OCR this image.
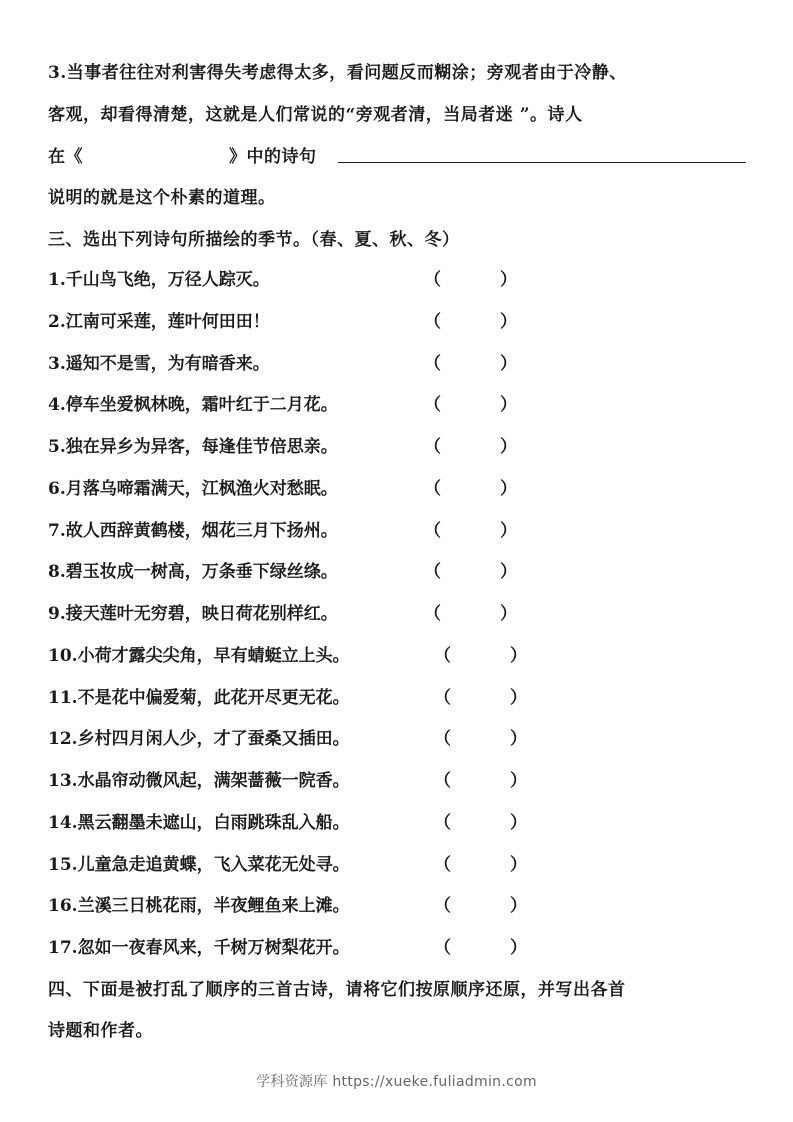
3.当事者往往对利害得失考虑得太多，看问题反而糊涂；旁观者由于冷静、
客观，却看得清楚，这就是人们常说的“旁观者清，当局者迷 ”。诗人
在《	》中的诗句
说明的就是这个朴素的道理。
三、选出下列诗句所描绘的季节。（春、夏、秋、冬）
1.千山鸟飞绝，万径人踪灭。	（	）
2.江南可采莲，莲叶何田田！	（	）
3.遥知不是雪，为有暗香来。	（	）
4.停车坐爱枫林晚，霜叶红于二月花。	（	）
5.独在异乡为异客，每逢佳节倍思亲。	（	）
6.月落乌啼霜满天，江枫渔火对愁眠。	（	）
7.故人西辞黄鹤楼，烟花三月下扬州。	（	）
8.碧玉妆成一树高，万条垂下绿丝绦。	（	）
9.接天莲叶无穷碧，映日荷花别样红。	（	）
10.小荷才露尖尖角，早有蜻蜓立上头。	（	）
11.不是花中偏爱菊，此花开尽更无花。	（	）
12.乡村四月闲人少，才了蚕桑又插田。	（	）
13.水晶帘动微风起，满架蔷薇一院香。	（	）
14.黑云翻墨未遮山，白雨跳珠乱入船。	（	）
15.儿童急走追黄蝶，飞入菜花无处寻。	（	）
16.兰溪三日桃花雨，半夜鲤鱼来上滩。	（	）
17.忽如一夜春风来，千树万树梨花开。	（	）
四、下面是被打乱了顺序的三首古诗，请将它们按原顺序还原，并写出各首
诗题和作者。
学科资源库 https://xueke.fuliadmin.com
